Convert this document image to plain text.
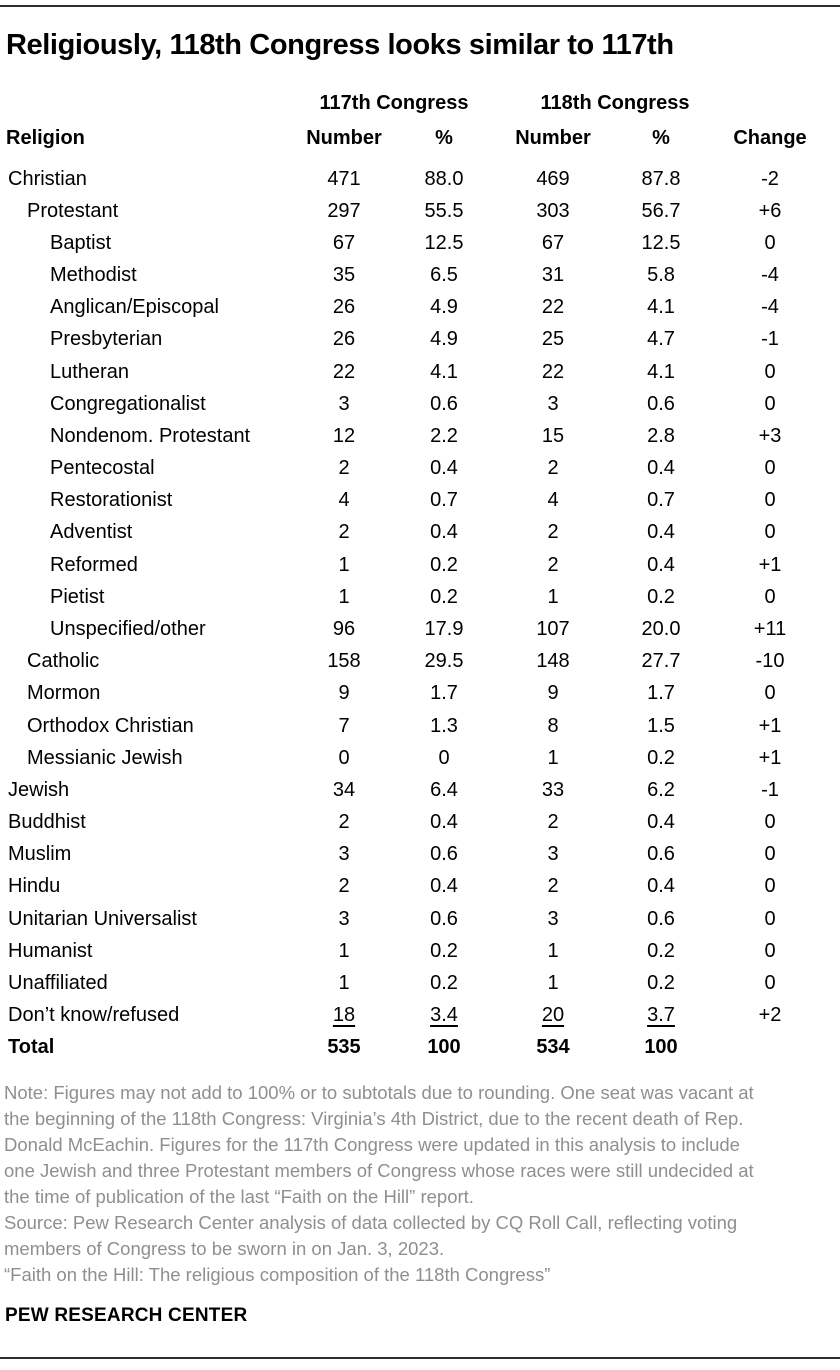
Religiously, 118th Congress looks similar to 117th
117th Congress	118th Congress
Religion	Number	%	Number	%	Change
Christian	471	88.0	469	87.8	-2
Protestant	297	55.5	303	56.7	+6
Baptist	67	12.5	67	12.5	0
Methodist	35	6.5	31	5.8	-4
Anglican/Episcopal	26	4.9	22	4.1	-4
Presbyterian	26	4.9	25	4.7	-1
Lutheran	22	4.1	22	4.1	0
Congregationalist	3	0.6	3	0.6	0
Nondenom. Protestant	12	2.2	15	2.8	+3
Pentecostal	2	0.4	2	0.4	0
Restorationist	4	0.7	4	0.7	0
Adventist	2	0.4	2	0.4	0
Reformed	1	0.2	2	0.4	+1
Pietist	1	0.2	1	0.2	0
Unspecified/other	96	17.9	107	20.0	+11
Catholic	158	29.5	148	27.7	-10
Mormon	9	1.7	9	1.7	0
Orthodox Christian	7	1.3	8	1.5	+1
Messianic Jewish	0	0	1	0.2	+1
Jewish	34	6.4	33	6.2	-1
Buddhist	2	0.4	2	0.4	0
Muslim	3	0.6	3	0.6	0
Hindu	2	0.4	2	0.4	0
Unitarian Universalist	3	0.6	3	0.6	0
Humanist	1	0.2	1	0.2	0
Unaffiliated	1	0.2	1	0.2	0
Don’t know/refused	18	3.4	20	3.7	+2
Total	535	100	534	100
Note: Figures may not add to 100% or to subtotals due to rounding. One seat was vacant at
the beginning of the 118th Congress: Virginia’s 4th District, due to the recent death of Rep.
Donald McEachin. Figures for the 117th Congress were updated in this analysis to include
one Jewish and three Protestant members of Congress whose races were still undecided at
the time of publication of the last “Faith on the Hill” report.
Source: Pew Research Center analysis of data collected by CQ Roll Call, reflecting voting
members of Congress to be sworn in on Jan. 3, 2023.
“Faith on the Hill: The religious composition of the 118th Congress”
PEW RESEARCH CENTER
